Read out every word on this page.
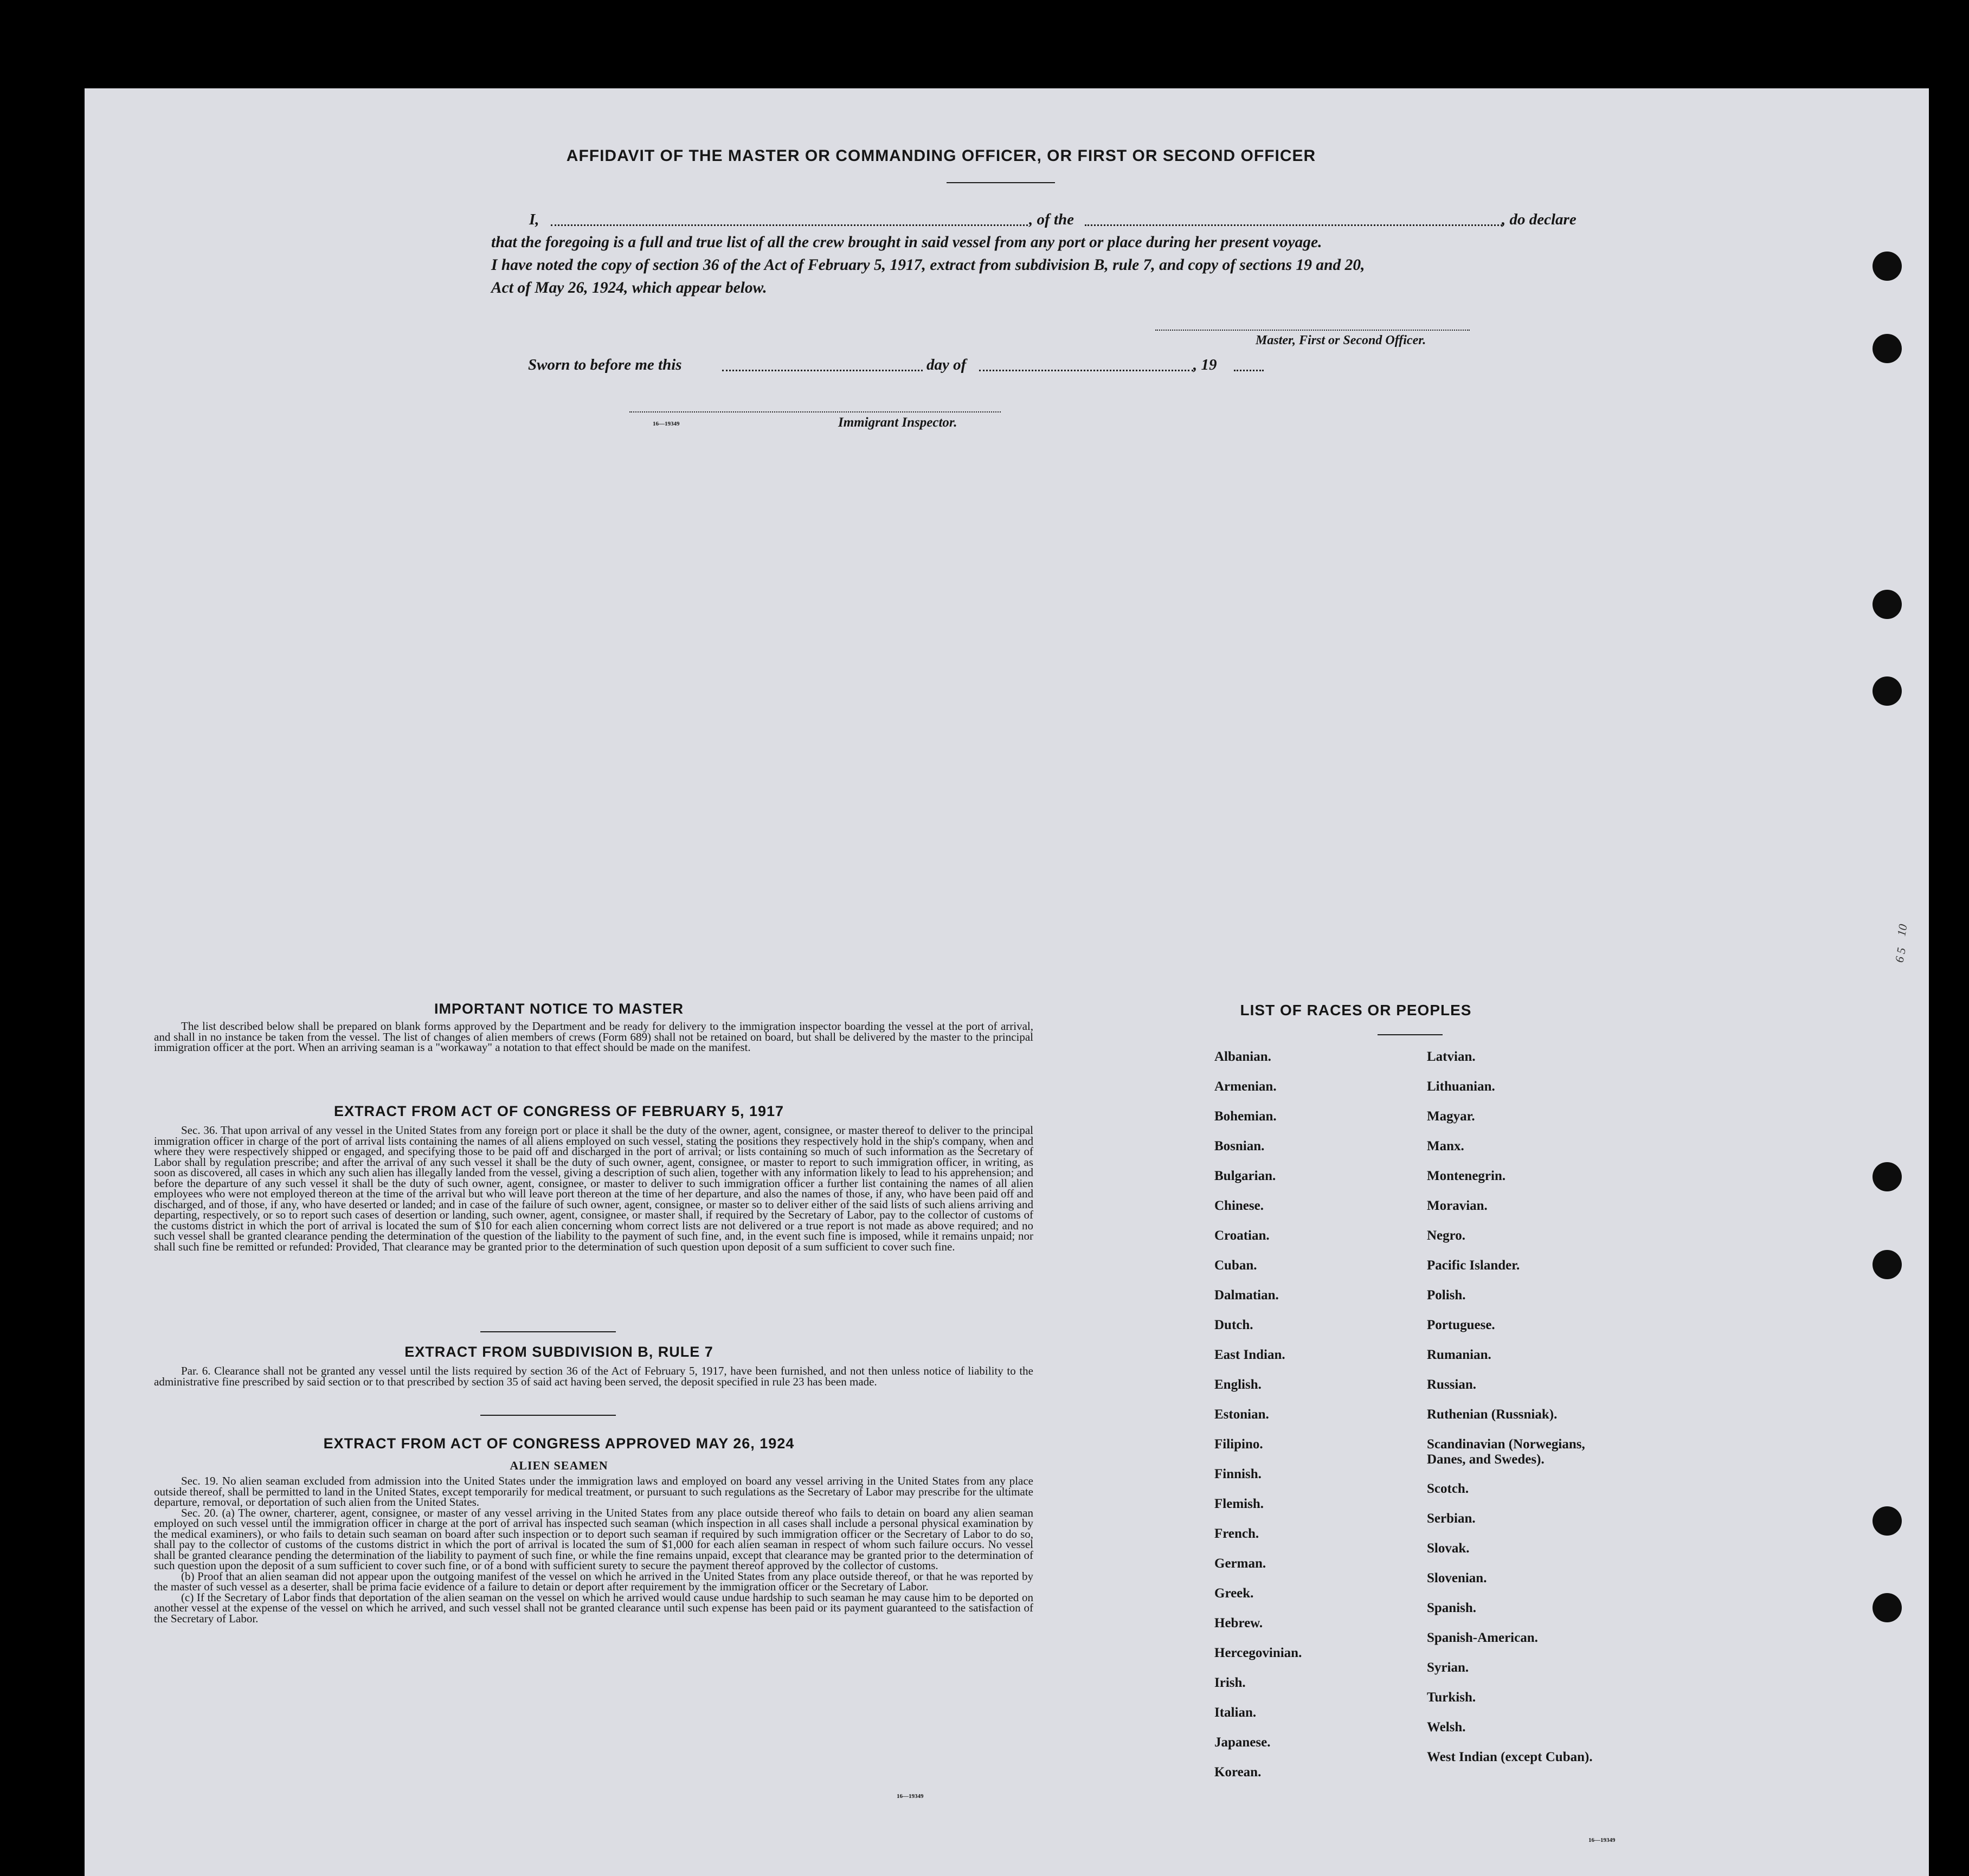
AFFIDAVIT OF THE MASTER OR COMMANDING OFFICER, OR FIRST OR SECOND OFFICER
I,	, of the	, do declare
that the foregoing is a full and true list of all the crew brought in said vessel from any port or place during her present voyage.
I have noted the copy of section 36 of the Act of February 5, 1917, extract from subdivision B, rule 7, and copy of sections 19 and 20,
Act of May 26, 1924, which appear below.
Master, First or Second Officer.
Sworn to before me this	day of	, 19
16—19349	Immigrant Inspector.
IMPORTANT NOTICE TO MASTER
The list described below shall be prepared on blank forms approved by the Department and be ready for delivery to the immigration inspector boarding the vessel at the port of arrival, and shall in no instance be taken from the vessel. The list of changes of alien members of crews (Form 689) shall not be retained on board, but shall be delivered by the master to the principal immigration officer at the port. When an arriving seaman is a "workaway" a notation to that effect should be made on the manifest.
EXTRACT FROM ACT OF CONGRESS OF FEBRUARY 5, 1917
Sec. 36. That upon arrival of any vessel in the United States from any foreign port or place it shall be the duty of the owner, agent, consignee, or master thereof to deliver to the principal immigration officer in charge of the port of arrival lists containing the names of all aliens employed on such vessel, stating the positions they respectively hold in the ship's company, when and where they were respectively shipped or engaged, and specifying those to be paid off and discharged in the port of arrival; or lists containing so much of such information as the Secretary of Labor shall by regulation prescribe; and after the arrival of any such vessel it shall be the duty of such owner, agent, consignee, or master to report to such immigration officer, in writing, as soon as discovered, all cases in which any such alien has illegally landed from the vessel, giving a description of such alien, together with any information likely to lead to his apprehension; and before the departure of any such vessel it shall be the duty of such owner, agent, consignee, or master to deliver to such immigration officer a further list containing the names of all alien employees who were not employed thereon at the time of the arrival but who will leave port thereon at the time of her departure, and also the names of those, if any, who have been paid off and discharged, and of those, if any, who have deserted or landed; and in case of the failure of such owner, agent, consignee, or master so to deliver either of the said lists of such aliens arriving and departing, respectively, or so to report such cases of desertion or landing, such owner, agent, consignee, or master shall, if required by the Secretary of Labor, pay to the collector of customs of the customs district in which the port of arrival is located the sum of $10 for each alien concerning whom correct lists are not delivered or a true report is not made as above required; and no such vessel shall be granted clearance pending the determination of the question of the liability to the payment of such fine, and, in the event such fine is imposed, while it remains unpaid; nor shall such fine be remitted or refunded: Provided, That clearance may be granted prior to the determination of such question upon deposit of a sum sufficient to cover such fine.
EXTRACT FROM SUBDIVISION B, RULE 7
Par. 6. Clearance shall not be granted any vessel until the lists required by section 36 of the Act of February 5, 1917, have been furnished, and not then unless notice of liability to the administrative fine prescribed by said section or to that prescribed by section 35 of said act having been served, the deposit specified in rule 23 has been made.
EXTRACT FROM ACT OF CONGRESS APPROVED MAY 26, 1924
ALIEN SEAMEN

Sec. 19. No alien seaman excluded from admission into the United States under the immigration laws and employed on board any vessel arriving in the United States from any place outside thereof, shall be permitted to land in the United States, except temporarily for medical treatment, or pursuant to such regulations as the Secretary of Labor may prescribe for the ultimate departure, removal, or deportation of such alien from the United States.

Sec. 20. (a) The owner, charterer, agent, consignee, or master of any vessel arriving in the United States from any place outside thereof who fails to detain on board any alien seaman employed on such vessel until the immigration officer in charge at the port of arrival has inspected such seaman (which inspection in all cases shall include a personal physical examination by the medical examiners), or who fails to detain such seaman on board after such inspection or to deport such seaman if required by such immigration officer or the Secretary of Labor to do so, shall pay to the collector of customs of the customs district in which the port of arrival is located the sum of $1,000 for each alien seaman in respect of whom such failure occurs. No vessel shall be granted clearance pending the determination of the liability to payment of such fine, or while the fine remains unpaid, except that clearance may be granted prior to the determination of such question upon the deposit of a sum sufficient to cover such fine, or of a bond with sufficient surety to secure the payment thereof approved by the collector of customs.

(b) Proof that an alien seaman did not appear upon the outgoing manifest of the vessel on which he arrived in the United States from any place outside thereof, or that he was reported by the master of such vessel as a deserter, shall be prima facie evidence of a failure to detain or deport after requirement by the immigration officer or the Secretary of Labor.

(c) If the Secretary of Labor finds that deportation of the alien seaman on the vessel on which he arrived would cause undue hardship to such seaman he may cause him to be deported on another vessel at the expense of the vessel on which he arrived, and such vessel shall not be granted clearance until such expense has been paid or its payment guaranteed to the satisfaction of the Secretary of Labor.

16—19349
LIST OF RACES OR PEOPLES
Albanian.
Armenian.
Bohemian.
Bosnian.
Bulgarian.
Chinese.
Croatian.
Cuban.
Dalmatian.
Dutch.
East Indian.
English.
Estonian.
Filipino.
Finnish.
Flemish.
French.
German.
Greek.
Hebrew.
Hercegovinian.
Irish.
Italian.
Japanese.
Korean.
Latvian.
Lithuanian.
Magyar.
Manx.
Montenegrin.
Moravian.
Negro.
Pacific Islander.
Polish.
Portuguese.
Rumanian.
Russian.
Ruthenian (Russniak).
Scandinavian (Norwegians,
Danes, and Swedes).
Scotch.
Serbian.
Slovak.
Slovenian.
Spanish.
Spanish-American.
Syrian.
Turkish.
Welsh.
West Indian (except Cuban).
16—19349
10
6 5
